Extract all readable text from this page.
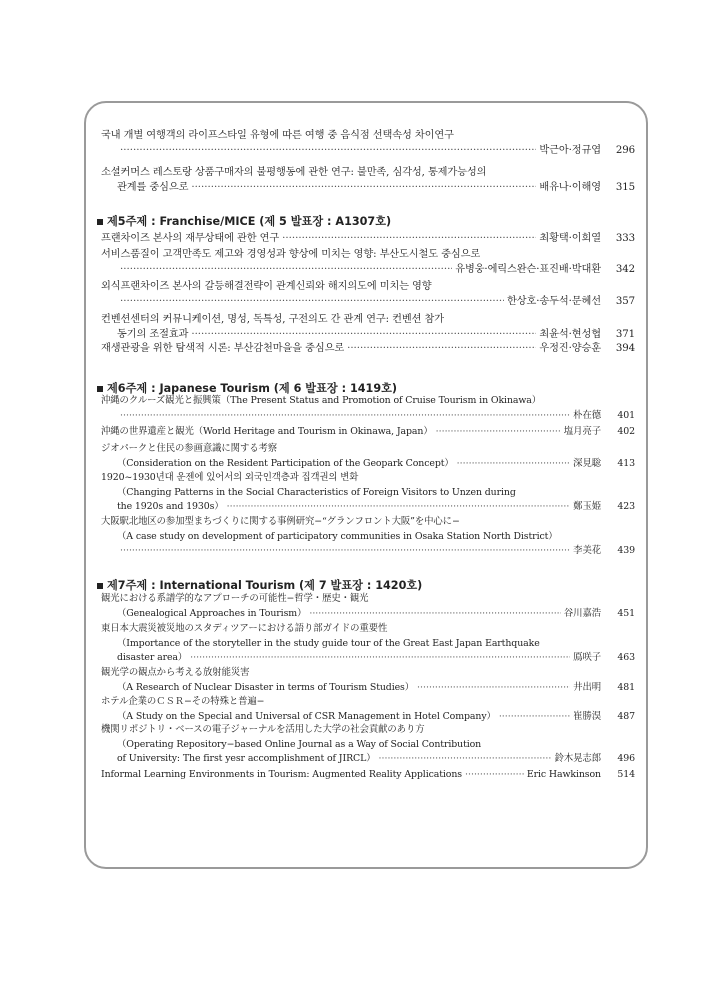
국내 개별 여행객의 라이프스타일 유형에 따른 여행 중 음식점 선택속성 차이연구
·····
박근아·정규엽	296
소셜커머스 레스토랑 상품구매자의 불평행동에 관한 연구: 불만족, 심각성, 통제가능성의
관계를 중심으로 ·····	배유나·이해영	315
제5주제 : Franchise/MICE (제 5 발표장 : A1307호)
프랜차이즈 본사의 재무상태에 관한 연구 ·····	최황택·이희열	333
서비스품질이 고객만족도 제고와 경영성과 향상에 미치는 영향: 부산도시철도 중심으로
·····
유병웅·에릭스완슨·표진배·박대환	342
외식프랜차이즈 본사의 갈등해결전략이 관계신뢰와 해지의도에 미치는 영향
·····
한상호·송두석·문혜선	357
컨벤션센터의 커뮤니케이션, 명성, 독특성, 구전의도 간 관계 연구: 컨벤션 참가
동기의 조절효과 ·····	최윤석·현성협	371
재생관광을 위한 탐색적 시론: 부산감천마을을 중심으로 ·····	우정진·양승훈	394
제6주제 : Japanese Tourism (제 6 발표장 : 1419호)
沖縄のクルーズ観光と振興策（The Present Status and Promotion of Cruise Tourism in Okinawa）
·····
朴在德	401
沖縄の世界遺産と観光（World Heritage and Tourism in Okinawa, Japan） ·····	塩月亮子	402
ジオパークと住民の参画意識に関する考察
（Consideration on the Resident Participation of the Geopark Concept） ·····	深見聡	413
1920~1930년대 운젠에 있어서의 외국인객층과 집객권의 변화
（Changing Patterns in the Social Characteristics of Foreign Visitors to Unzen during
the 1920s and 1930s） ·····	鄭玉姫	423
大阪駅北地区の参加型まちづくりに関する事例研究−“グランフロント大阪”を中心に−
（A case study on development of participatory communities in Osaka Station North District）
·····
李美花	439
제7주제 : International Tourism (제 7 발표장 : 1420호)
観光における系譜学的なアプローチの可能性−哲学・歴史・観光
（Genealogical Approaches in Tourism） ·····	谷川嘉浩	451
東日本大震災被災地のスタディツアーにおける語り部ガイドの重要性
（Importance of the storyteller in the study guide tour of the Great East Japan Earthquake
disaster area） ·····	鳫咲子	463
観光学の観点から考える放射能災害
（A Research of Nuclear Disaster in terms of Tourism Studies） ·····	井出明	481
ホテル企業のＣＳＲ−その特殊と普遍−
（A Study on the Special and Universal of CSR Management in Hotel Company） ·····	崔勝淏	487
機関リポジトリ・ベースの電子ジャーナルを活用した大学の社会貢献のあり方
（Operating Repository−based Online Journal as a Way of Social Contribution
of University: The first yesr accomplishment of JIRCL） ·····	鈴木晃志郎	496
Informal Learning Environments in Tourism: Augmented Reality Applications ·····	Eric Hawkinson	514
